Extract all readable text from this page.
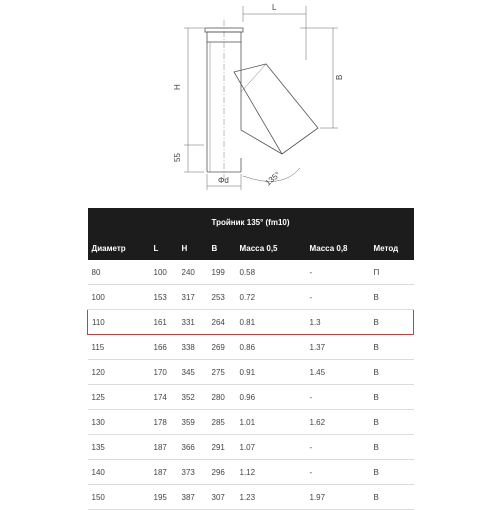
L
H
55
B
Φd	135°
Тройник 135° (fm10)						
Диаметр	L	H	B	Масса 0,5	Масса 0,8	Метод
80	100	240	199	0.58	-	П
100	153	317	253	0.72	-	B
110	161	331	264	0.81	1.3	B
115	166	338	269	0.86	1.37	B
120	170	345	275	0.91	1.45	B
125	174	352	280	0.96	-	B
130	178	359	285	1.01	1.62	B
135	187	366	291	1.07	-	B
140	187	373	296	1.12	-	B
150	195	387	307	1.23	1.97	B
